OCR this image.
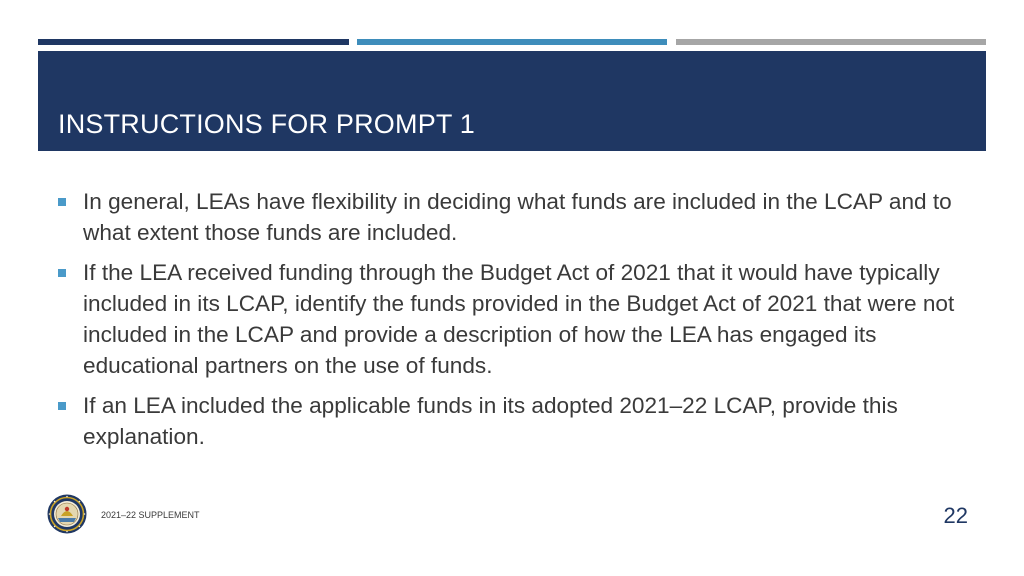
INSTRUCTIONS FOR PROMPT 1
In general, LEAs have flexibility in deciding what funds are included in the LCAP and to what extent those funds are included.
If the LEA received funding through the Budget Act of 2021 that it would have typically included in its LCAP, identify the funds provided in the Budget Act of 2021 that were not included in the LCAP and provide a description of how the LEA has engaged its educational partners on the use of funds.
If an LEA included the applicable funds in its adopted 2021–22 LCAP, provide this explanation.
2021–22 SUPPLEMENT	22
